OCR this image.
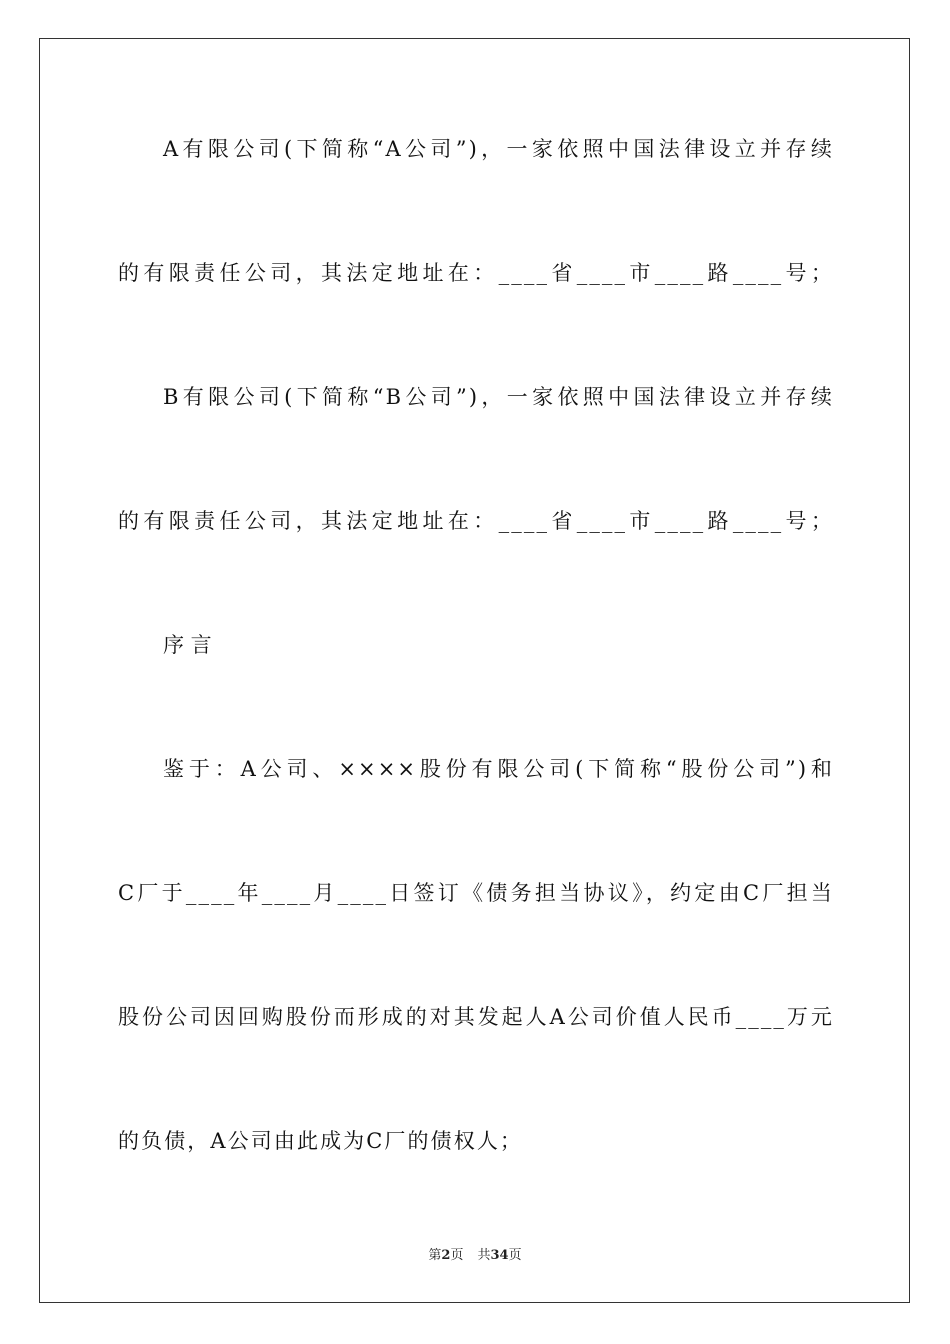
A有限公司(下简称“A公司”)，一家依照中国法律设立并存续
的有限责任公司，其法定地址在：____省____市____路____号；
B有限公司(下简称“B公司”)，一家依照中国法律设立并存续
的有限责任公司，其法定地址在：____省____市____路____号；
序 言
鉴于：A公司、××××股份有限公司(下简称“股份公司”)和
C厂于____年____月____日签订《债务担当协议》，约定由C厂担当
股份公司因回购股份而形成的对其发起人A公司价值人民币____万元
的负债，A公司由此成为C厂的债权人；
第2页 共34页
